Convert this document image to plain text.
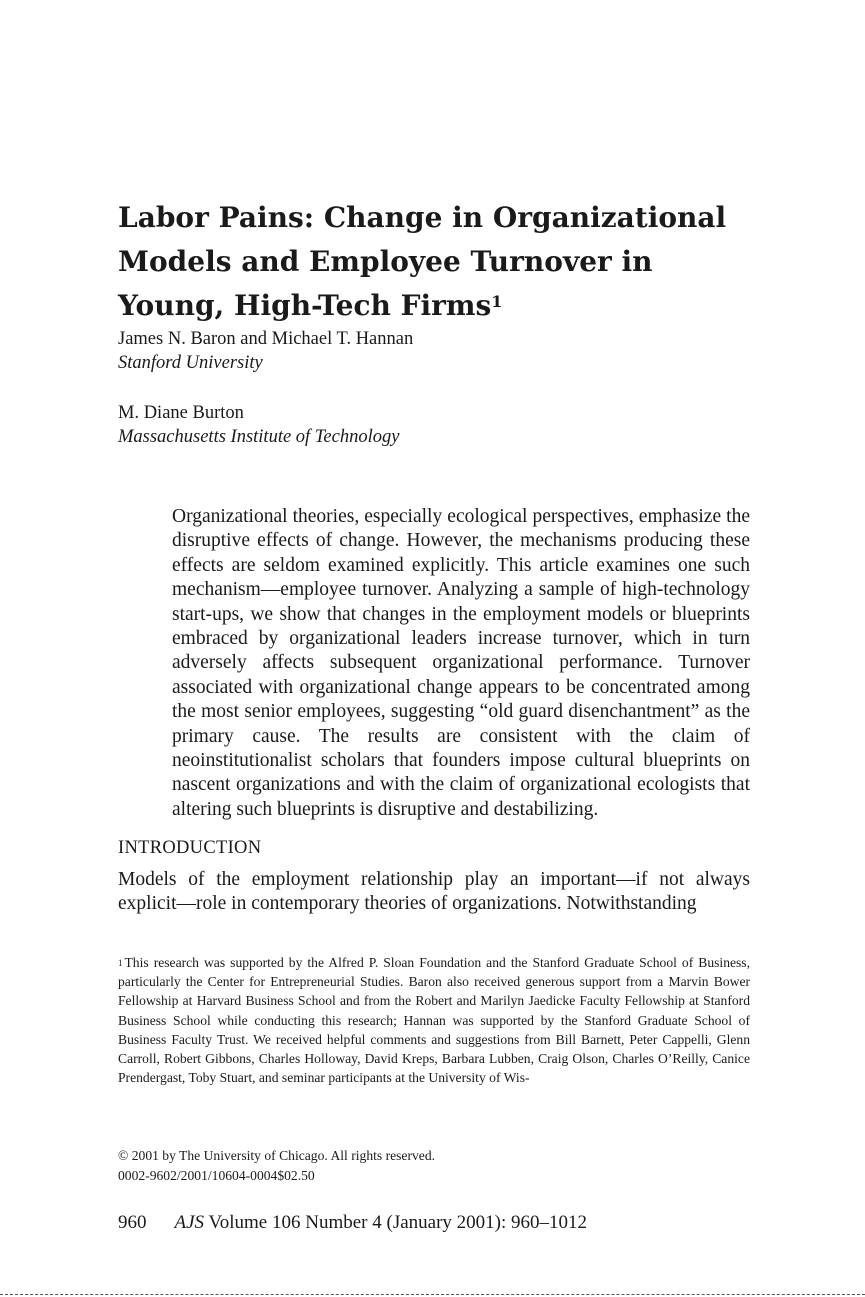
Labor Pains: Change in Organizational Models and Employee Turnover in Young, High-Tech Firms$^1$
James N. Baron and Michael T. Hannan
Stanford University
M. Diane Burton
Massachusetts Institute of Technology

Organizational theories, especially ecological perspectives, emphasize the disruptive effects of change. However, the mechanisms producing these effects are seldom examined explicitly. This article examines one such mechanism—employee turnover. Analyzing a sample of high-technology start-ups, we show that changes in the employment models or blueprints embraced by organizational leaders increase turnover, which in turn adversely affects subsequent organizational performance. Turnover associated with organizational change appears to be concentrated among the most senior employees, suggesting “old guard disenchantment” as the primary cause. The results are consistent with the claim of neoinstitutionalist scholars that founders impose cultural blueprints on nascent organizations and with the claim of organizational ecologists that altering such blueprints is disruptive and destabilizing.

INTRODUCTION

Models of the employment relationship play an important—if not always explicit—role in contemporary theories of organizations. Notwithstanding

$^1$ This research was supported by the Alfred P. Sloan Foundation and the Stanford Graduate School of Business, particularly the Center for Entrepreneurial Studies. Baron also received generous support from a Marvin Bower Fellowship at Harvard Business School and from the Robert and Marilyn Jaedicke Faculty Fellowship at Stanford Business School while conducting this research; Hannan was supported by the Stanford Graduate School of Business Faculty Trust. We received helpful comments and suggestions from Bill Barnett, Peter Cappelli, Glenn Carroll, Robert Gibbons, Charles Holloway, David Kreps, Barbara Lubben, Craig Olson, Charles O’Reilly, Canice Prendergast, Toby Stuart, and seminar participants at the University of Wis-
© 2001 by The University of Chicago. All rights reserved.
0002-9602/2001/10604-0004$02.50
960 AJS Volume 106 Number 4 (January 2001): 960–1012
